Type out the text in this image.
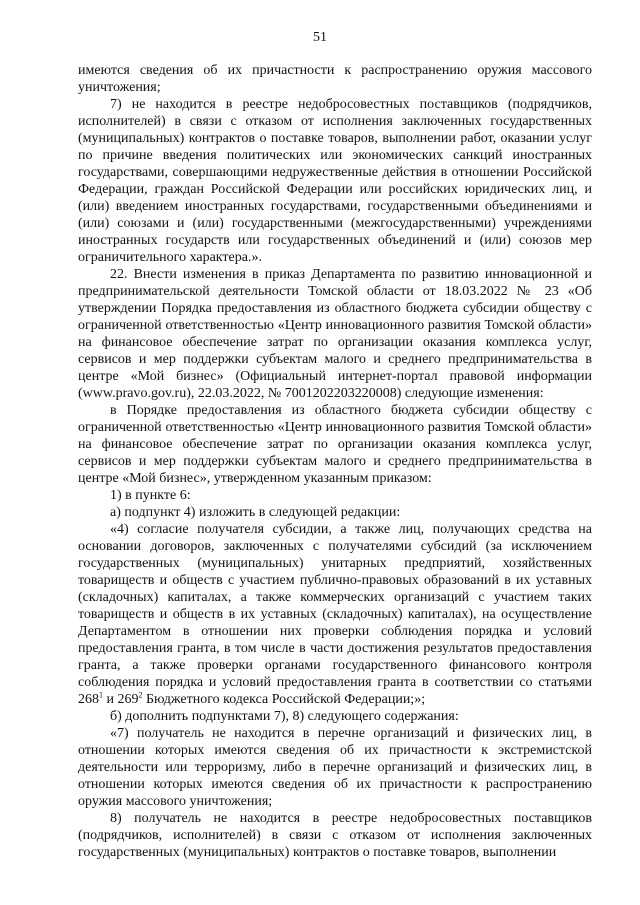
51

имеются сведения об их причастности к распространению оружия массового уничтожения;

7) не находится в реестре недобросовестных поставщиков (подрядчиков, исполнителей) в связи с отказом от исполнения заключенных государственных (муниципальных) контрактов о поставке товаров, выполнении работ, оказании услуг по причине введения политических или экономических санкций иностранных государствами, совершающими недружественные действия в отношении Российской Федерации, граждан Российской Федерации или российских юридических лиц, и (или) введением иностранных государствами, государственными объединениями и (или) союзами и (или) государственными (межгосударственными) учреждениями иностранных государств или государственных объединений и (или) союзов мер ограничительного характера.».

22. Внести изменения в приказ Департамента по развитию инновационной и предпринимательской деятельности Томской области от 18.03.2022 № 23 «Об утверждении Порядка предоставления из областного бюджета субсидии обществу с ограниченной ответственностью «Центр инновационного развития Томской области» на финансовое обеспечение затрат по организации оказания комплекса услуг, сервисов и мер поддержки субъектам малого и среднего предпринимательства в центре «Мой бизнес» (Официальный интернет-портал правовой информации (www.pravo.gov.ru), 22.03.2022, № 7001202203220008) следующие изменения:

в Порядке предоставления из областного бюджета субсидии обществу с ограниченной ответственностью «Центр инновационного развития Томской области» на финансовое обеспечение затрат по организации оказания комплекса услуг, сервисов и мер поддержки субъектам малого и среднего предпринимательства в центре «Мой бизнес», утвержденном указанным приказом:

1) в пункте 6:

а) подпункт 4) изложить в следующей редакции:

«4) согласие получателя субсидии, а также лиц, получающих средства на основании договоров, заключенных с получателями субсидий (за исключением государственных (муниципальных) унитарных предприятий, хозяйственных товариществ и обществ с участием публично-правовых образований в их уставных (складочных) капиталах, а также коммерческих организаций с участием таких товариществ и обществ в их уставных (складочных) капиталах), на осуществление Департаментом в отношении них проверки соблюдения порядка и условий предоставления гранта, в том числе в части достижения результатов предоставления гранта, а также проверки органами государственного финансового контроля соблюдения порядка и условий предоставления гранта в соответствии со статьями $268^1$ и $269^2$ Бюджетного кодекса Российской Федерации;»;

б) дополнить подпунктами 7), 8) следующего содержания:

«7) получатель не находится в перечне организаций и физических лиц, в отношении которых имеются сведения об их причастности к экстремистской деятельности или терроризму, либо в перечне организаций и физических лиц, в отношении которых имеются сведения об их причастности к распространению оружия массового уничтожения;

8) получатель не находится в реестре недобросовестных поставщиков (подрядчиков, исполнителей) в связи с отказом от исполнения заключенных государственных (муниципальных) контрактов о поставке товаров, выполнении
